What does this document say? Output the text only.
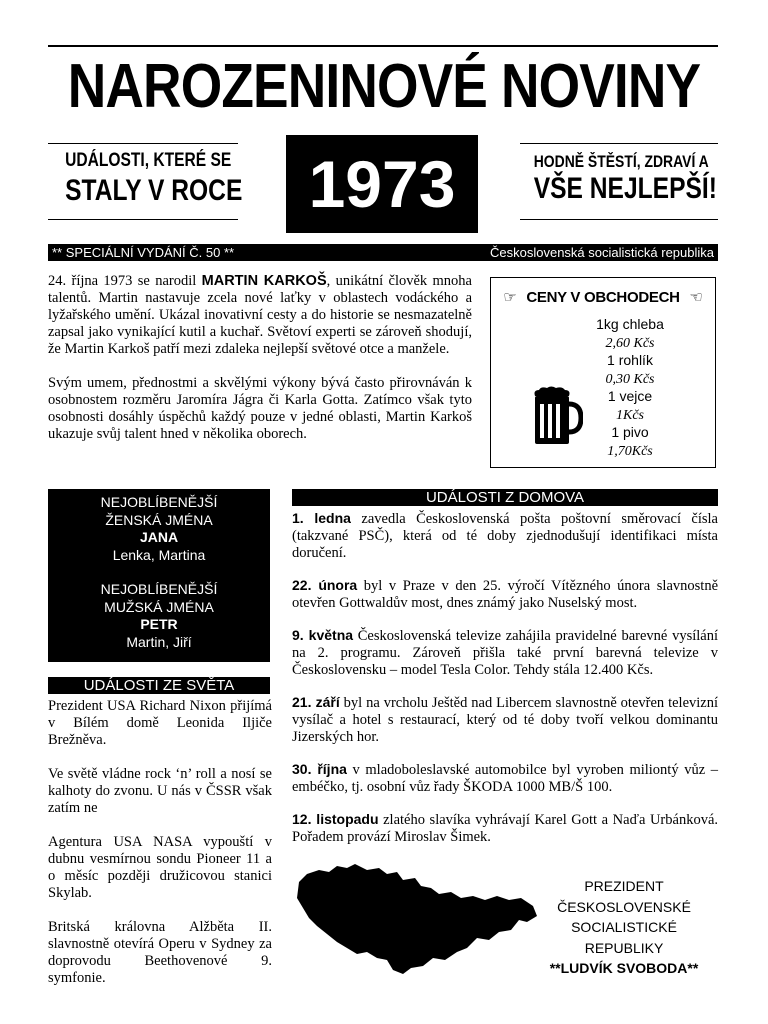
NAROZENINOVÉ NOVINY
UDÁLOSTI, KTERÉ SE
STALY V ROCE	1973	HODNĚ ŠTĚSTÍ, ZDRAVÍ A
VŠE NEJLEPŠÍ!
** SPECIÁLNÍ VYDÁNÍ Č. 50 **	Československá socialistická republika

24. října 1973 se narodil MARTIN KARKOŠ, unikátní člověk mnoha talentů. Martin nastavuje zcela nové laťky v oblastech vodáckého a lyžařského umění. Ukázal inovativní cesty a do historie se nesmazatelně zapsal jako vynikající kutil a kuchař. Světoví experti se zároveň shodují, že Martin Karkoš patří mezi zdaleka nejlepší světové otce a manžele.

Svým umem, přednostmi a skvělými výkony bývá často přirovnáván k osobnostem rozměru Jaromíra Jágra či Karla Gotta. Zatímco však tyto osobnosti dosáhly úspěchů každý pouze v jedné oblasti, Martin Karkoš ukazuje svůj talent hned v několika oborech.

☞ CENY V OBCHODECH ☜
1kg chleba
2,60 Kčs
1 rohlík
0,30 Kčs
1 vejce
1Kčs
1 pivo
1,70Kčs
NEJOBLÍBENĚJŠÍ
ŽENSKÁ JMÉNA
JANA
Lenka, Martina
NEJOBLÍBENĚJŠÍ
MUŽSKÁ JMÉNA
PETR
Martin, Jiří
UDÁLOSTI ZE SVĚTA

Prezident USA Richard Nixon přijímá v Bílém domě Leonida Iljiče Brežněva.

Ve světě vládne rock ‘n’ roll a nosí se kalhoty do zvonu. U nás v ČSSR však zatím ne

Agentura USA NASA vypouští v dubnu vesmírnou sondu Pioneer 11 a o měsíc později družicovou stanici Skylab.

Britská královna Alžběta II. slavnostně otevírá Operu v Sydney za doprovodu Beethovenové 9. symfonie.

UDÁLOSTI Z DOMOVA

1. ledna zavedla Československá pošta poštovní směrovací čísla (takzvané PSČ), která od té doby zjednodušují identifikaci místa doručení.

22. února byl v Praze v den 25. výročí Vítězného února slavnostně otevřen Gottwaldův most, dnes známý jako Nuselský most.

9. května Československá televize zahájila pravidelné barevné vysílání na 2. programu. Zároveň přišla také první barevná televize v Československu – model Tesla Color. Tehdy stála 12.400 Kčs.

21. září byl na vrcholu Ještěd nad Libercem slavnostně otevřen televizní vysílač a hotel s restaurací, který od té doby tvoří velkou dominantu Jizerských hor.

30. října v mladoboleslavské automobilce byl vyroben miliontý vůz – embéčko, tj. osobní vůz řady ŠKODA 1000 MB/Š 100.

12. listopadu zlatého slavíka vyhrávají Karel Gott a Naďa Urbánková. Pořadem provází Miroslav Šimek.

PREZIDENT
ČESKOSLOVENSKÉ
SOCIALISTICKÉ
REPUBLIKY
**LUDVÍK SVOBODA**
